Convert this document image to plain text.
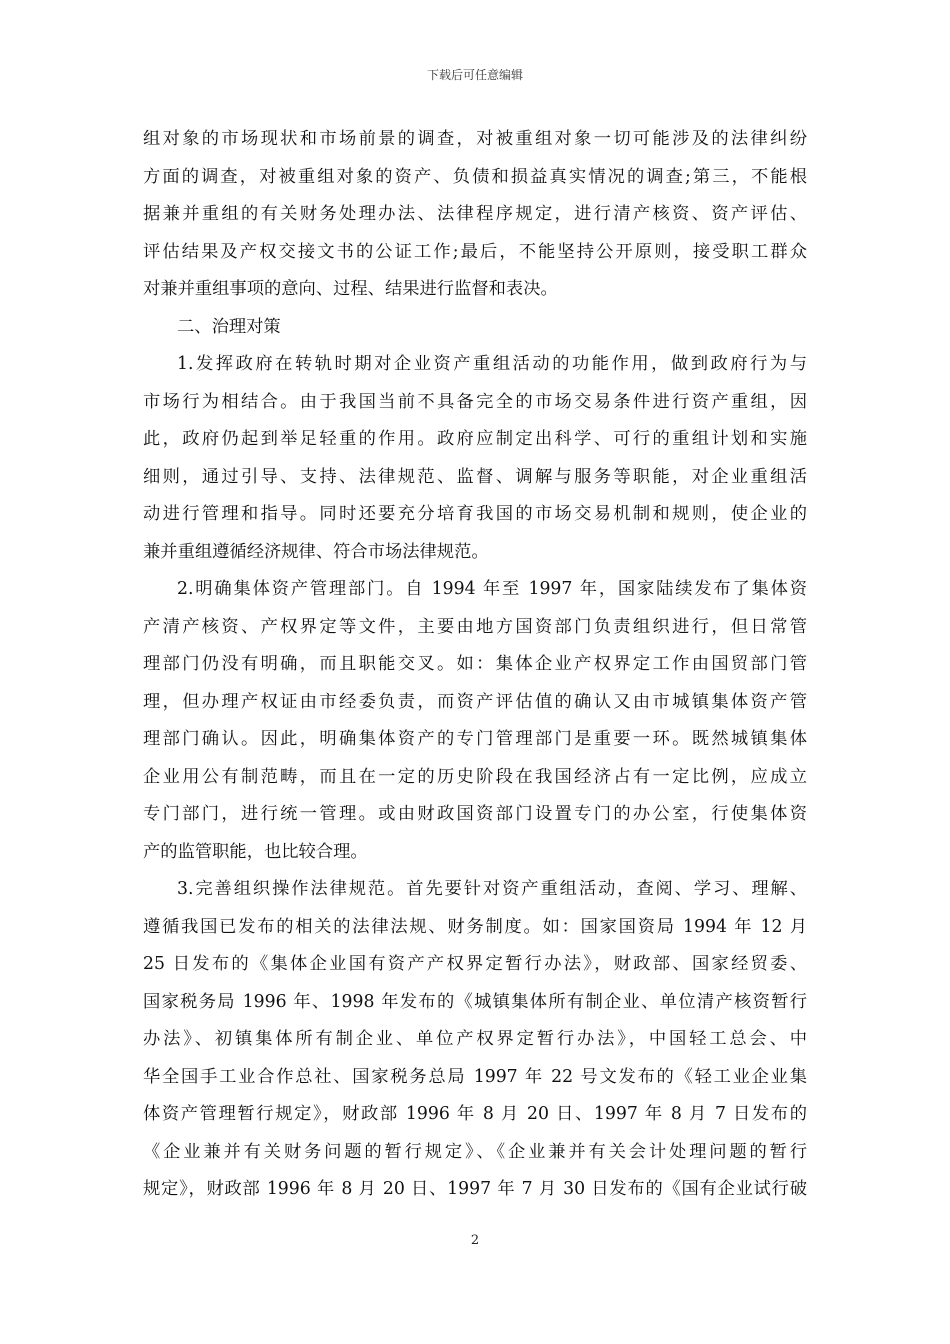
下载后可任意编辑
组对象的市场现状和市场前景的调查，对被重组对象一切可能涉及的法律纠纷
方面的调查，对被重组对象的资产、负债和损益真实情况的调查;第三，不能根
据兼并重组的有关财务处理办法、法律程序规定，进行清产核资、资产评估、
评估结果及产权交接文书的公证工作;最后，不能坚持公开原则，接受职工群众
对兼并重组事项的意向、过程、结果进行监督和表决。
二、治理对策
1.发挥政府在转轨时期对企业资产重组活动的功能作用，做到政府行为与
市场行为相结合。由于我国当前不具备完全的市场交易条件进行资产重组，因
此，政府仍起到举足轻重的作用。政府应制定出科学、可行的重组计划和实施
细则，通过引导、支持、法律规范、监督、调解与服务等职能，对企业重组活
动进行管理和指导。同时还要充分培育我国的市场交易机制和规则，使企业的
兼并重组遵循经济规律、符合市场法律规范。
2.明确集体资产管理部门。自 1994 年至 1997 年，国家陆续发布了集体资
产清产核资、产权界定等文件，主要由地方国资部门负责组织进行，但日常管
理部门仍没有明确，而且职能交叉。如：集体企业产权界定工作由国贸部门管
理，但办理产权证由市经委负责，而资产评估值的确认又由市城镇集体资产管
理部门确认。因此，明确集体资产的专门管理部门是重要一环。既然城镇集体
企业用公有制范畴，而且在一定的历史阶段在我国经济占有一定比例，应成立
专门部门，进行统一管理。或由财政国资部门设置专门的办公室，行使集体资
产的监管职能，也比较合理。
3.完善组织操作法律规范。首先要针对资产重组活动，查阅、学习、理解、
遵循我国已发布的相关的法律法规、财务制度。如：国家国资局 1994 年 12 月
25 日发布的《集体企业国有资产产权界定暂行办法》，财政部、国家经贸委、
国家税务局 1996 年、1998 年发布的《城镇集体所有制企业、单位清产核资暂行
办法》、初镇集体所有制企业、单位产权界定暂行办法》，中国轻工总会、中
华全国手工业合作总社、国家税务总局 1997 年 22 号文发布的《轻工业企业集
体资产管理暂行规定》，财政部 1996 年 8 月 20 日、1997 年 8 月 7 日发布的
《企业兼并有关财务问题的暂行规定》、《企业兼并有关会计处理问题的暂行
规定》，财政部 1996 年 8 月 20 日、1997 年 7 月 30 日发布的《国有企业试行破
2
